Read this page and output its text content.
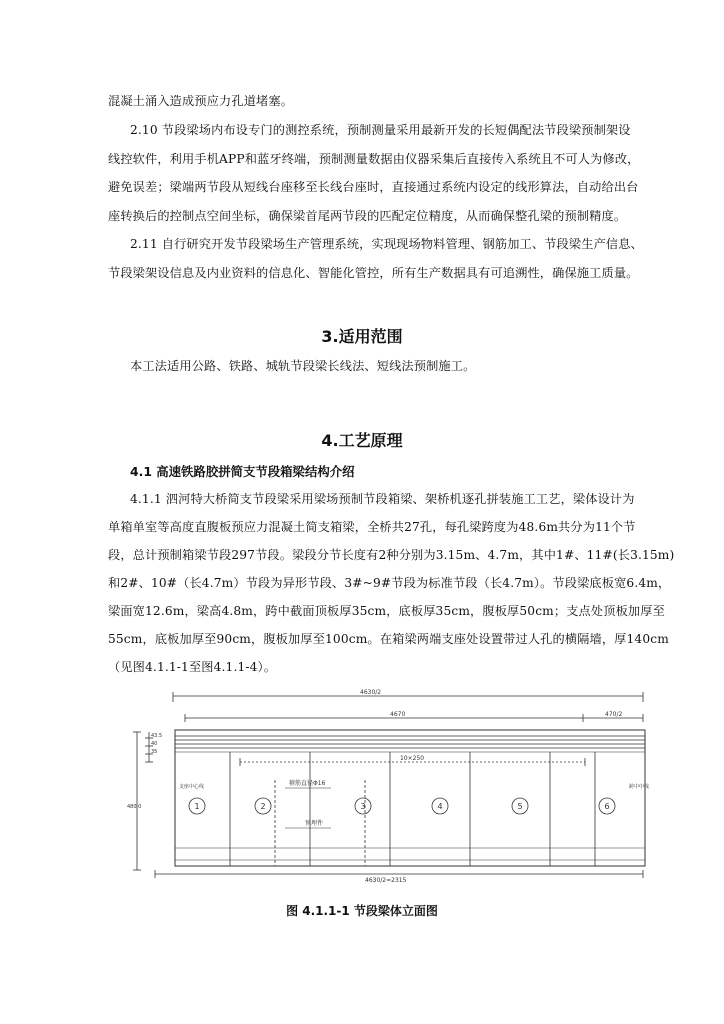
混凝土涌入造成预应力孔道堵塞。
2.10 节段梁场内布设专门的测控系统，预制测量采用最新开发的长短偶配法节段梁预制架设
线控软件，利用手机APP和蓝牙终端，预制测量数据由仪器采集后直接传入系统且不可人为修改，
避免误差；梁端两节段从短线台座移至长线台座时，直接通过系统内设定的线形算法，自动给出台
座转换后的控制点空间坐标，确保梁首尾两节段的匹配定位精度，从而确保整孔梁的预制精度。
2.11 自行研究开发节段梁场生产管理系统，实现现场物料管理、钢筋加工、节段梁生产信息、
节段梁架设信息及内业资料的信息化、智能化管控，所有生产数据具有可追溯性，确保施工质量。
3.适用范围
本工法适用公路、铁路、城轨节段梁长线法、短线法预制施工。
4.工艺原理
4.1 高速铁路胶拼简支节段箱梁结构介绍
4.1.1 泗河特大桥简支节段梁采用梁场预制节段箱梁、架桥机逐孔拼装施工工艺，梁体设计为
单箱单室等高度直腹板预应力混凝土简支箱梁，全桥共27孔，每孔梁跨度为48.6m共分为11个节
段，总计预制箱梁节段297节段。梁段分节长度有2种分别为3.15m、4.7m，其中1#、11#(长3.15m)
和2#、10#（长4.7m）节段为异形节段、3#~9#节段为标准节段（长4.7m）。节段梁底板宽6.4m，
梁面宽12.6m，梁高4.8m，跨中截面顶板厚35cm，底板厚35cm，腹板厚50cm；支点处顶板加厚至
55cm，底板加厚至90cm，腹板加厚至100cm。在箱梁两端支座处设置带过人孔的横隔墙，厚140cm
（见图4.1.1-1至图4.1.1-4）。
4630/2
4670	470/2
10×250
4630/2=2315
箍筋直径Φ16
预埋件
43.5
40
35
480.0
跨中中线
支座中心线
1	2	3	4	5	6
图 4.1.1-1 节段梁体立面图
